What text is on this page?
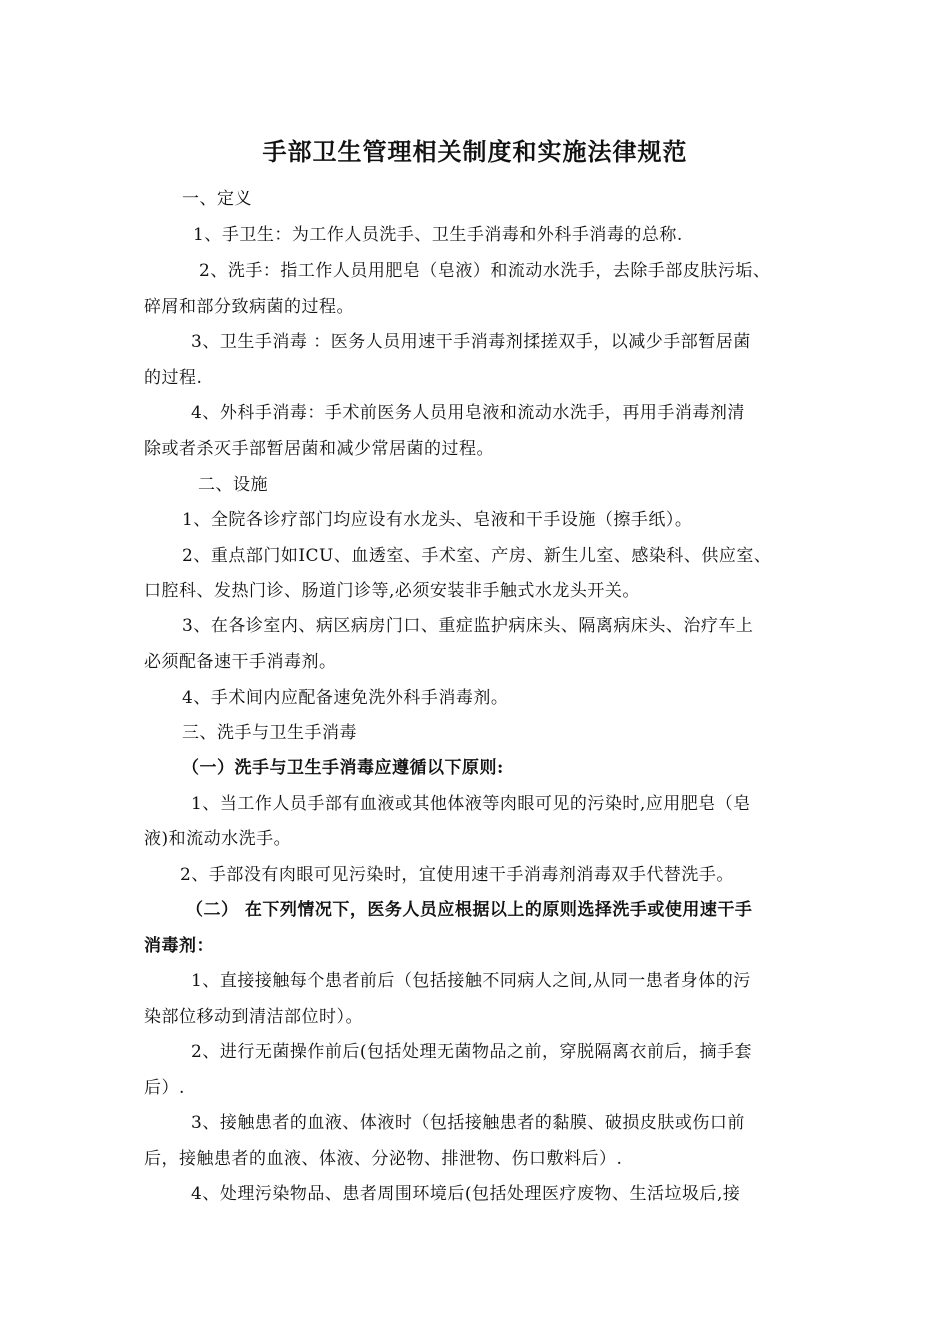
手部卫生管理相关制度和实施法律规范
一、定义
1、手卫生：为工作人员洗手、卫生手消毒和外科手消毒的总称.
2、洗手：指工作人员用肥皂（皂液）和流动水洗手，去除手部皮肤污垢、
碎屑和部分致病菌的过程。
3、卫生手消毒 ：医务人员用速干手消毒剂揉搓双手，以减少手部暂居菌
的过程.
4、外科手消毒：手术前医务人员用皂液和流动水洗手，再用手消毒剂清
除或者杀灭手部暂居菌和减少常居菌的过程。
二、设施
1、全院各诊疗部门均应设有水龙头、皂液和干手设施（擦手纸）。
2、重点部门如ICU、血透室、手术室、产房、新生儿室、感染科、供应室、
口腔科、发热门诊、肠道门诊等,必须安装非手触式水龙头开关。
3、在各诊室内、病区病房门口、重症监护病床头、隔离病床头、治疗车上
必须配备速干手消毒剂。
4、手术间内应配备速免洗外科手消毒剂。
三、洗手与卫生手消毒
（一）洗手与卫生手消毒应遵循以下原则:
1、当工作人员手部有血液或其他体液等肉眼可见的污染时,应用肥皂（皂
液)和流动水洗手。
2、手部没有肉眼可见污染时，宜使用速干手消毒剂消毒双手代替洗手。
（二） 在下列情况下，医务人员应根据以上的原则选择洗手或使用速干手
消毒剂：
1、直接接触每个患者前后（包括接触不同病人之间,从同一患者身体的污
染部位移动到清洁部位时）。
2、进行无菌操作前后(包括处理无菌物品之前，穿脱隔离衣前后，摘手套
后）.
3、接触患者的血液、体液时（包括接触患者的黏膜、破损皮肤或伤口前
后，接触患者的血液、体液、分泌物、排泄物、伤口敷料后）.
4、处理污染物品、患者周围环境后(包括处理医疗废物、生活垃圾后,接
